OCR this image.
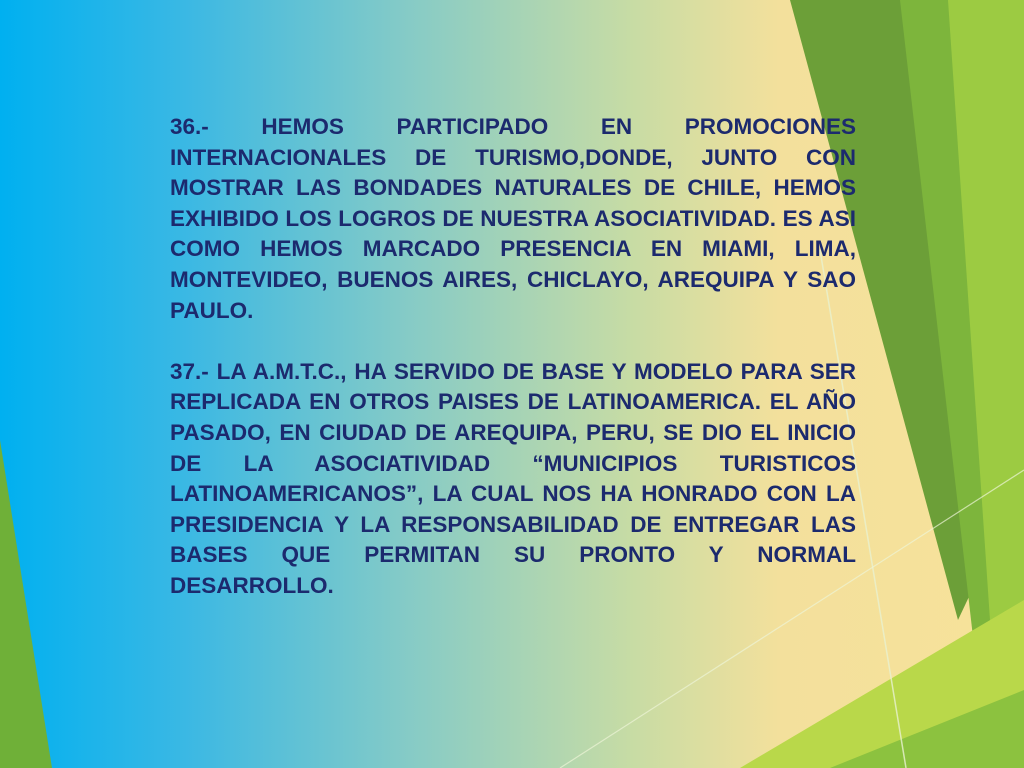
36.- HEMOS PARTICIPADO EN PROMOCIONES INTERNACIONALES DE TURISMO,DONDE, JUNTO CON MOSTRAR LAS BONDADES NATURALES DE CHILE, HEMOS EXHIBIDO LOS LOGROS DE NUESTRA ASOCIATIVIDAD. ES ASI COMO HEMOS MARCADO PRESENCIA EN MIAMI, LIMA, MONTEVIDEO, BUENOS AIRES, CHICLAYO, AREQUIPA Y SAO PAULO.

37.- LA A.M.T.C., HA SERVIDO DE BASE Y MODELO PARA SER REPLICADA EN OTROS PAISES DE LATINOAMERICA. EL AÑO PASADO, EN CIUDAD DE AREQUIPA, PERU, SE DIO EL INICIO DE LA ASOCIATIVIDAD “MUNICIPIOS TURISTICOS LATINOAMERICANOS”, LA CUAL NOS HA HONRADO CON LA PRESIDENCIA Y LA RESPONSABILIDAD DE ENTREGAR LAS BASES QUE PERMITAN SU PRONTO Y NORMAL DESARROLLO.
